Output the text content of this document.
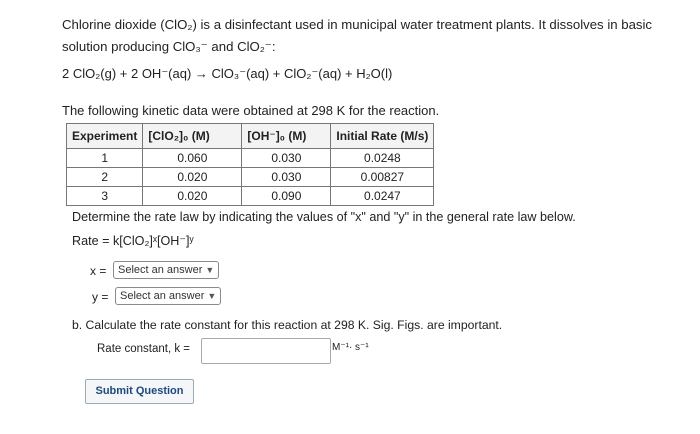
Chlorine dioxide (ClO₂) is a disinfectant used in municipal water treatment plants. It dissolves in basic solution producing ClO₃⁻ and ClO₂⁻:
2 ClO₂(g) + 2 OH⁻(aq) → ClO₃⁻(aq) + ClO₂⁻(aq) + H₂O(l)
The following kinetic data were obtained at 298 K for the reaction.
Experiment	[ClO₂]₀ (M)	[OH⁻]₀ (M)	Initial Rate (M/s)
1	0.060	0.030	0.0248
2	0.020	0.030	0.00827
3	0.020	0.090	0.0247
Determine the rate law by indicating the values of "x" and "y" in the general rate law below.
Rate = k[ClO₂]ˣ[OH⁻]ʸ
x =	Select an answer ▼
y =	Select an answer ▼
b. Calculate the rate constant for this reaction at 298 K. Sig. Figs. are important.
Rate constant, k =	M⁻¹· s⁻¹
Submit Question
